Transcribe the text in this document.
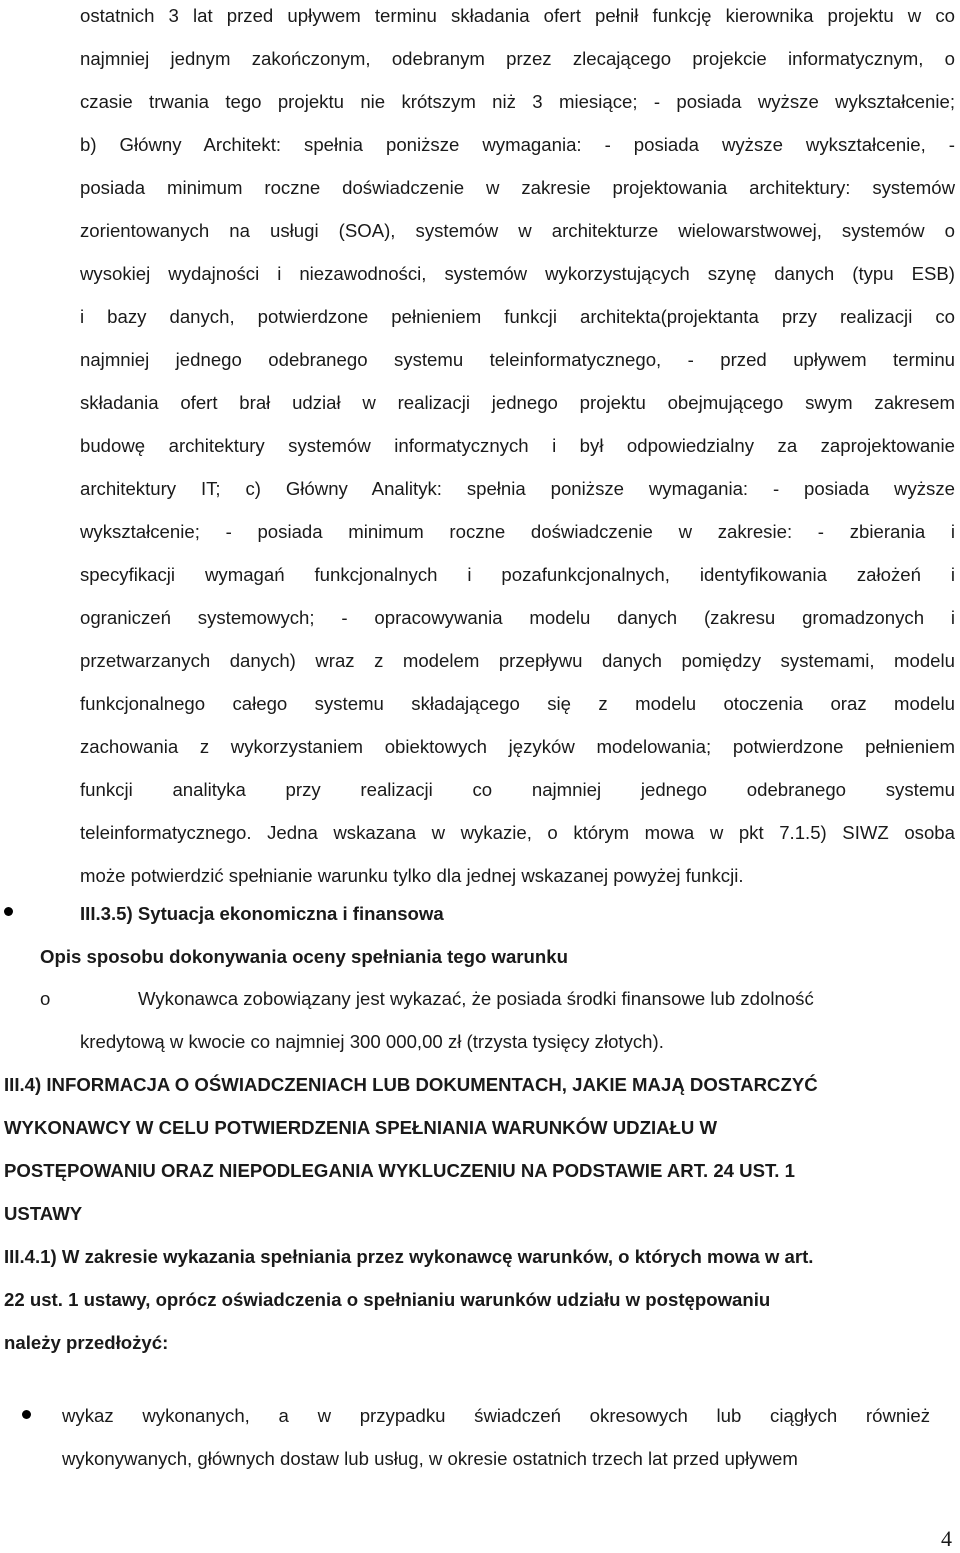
ostatnich 3 lat przed upływem terminu składania ofert pełnił funkcję kierownika projektu w co
najmniej jednym zakończonym, odebranym przez zlecającego projekcie informatycznym, o
czasie trwania tego projektu nie krótszym niż 3 miesiące; - posiada wyższe wykształcenie;
b) Główny Architekt: spełnia poniższe wymagania: - posiada wyższe wykształcenie, -
posiada minimum roczne doświadczenie w zakresie projektowania architektury: systemów
zorientowanych na usługi (SOA), systemów w architekturze wielowarstwowej, systemów o
wysokiej wydajności i niezawodności, systemów wykorzystujących szynę danych (typu ESB)
i bazy danych, potwierdzone pełnieniem funkcji architekta(projektanta przy realizacji co
najmniej jednego odebranego systemu teleinformatycznego, - przed upływem terminu
składania ofert brał udział w realizacji jednego projektu obejmującego swym zakresem
budowę architektury systemów informatycznych i był odpowiedzialny za zaprojektowanie
architektury IT; c) Główny Analityk: spełnia poniższe wymagania: - posiada wyższe
wykształcenie; - posiada minimum roczne doświadczenie w zakresie: - zbierania i
specyfikacji wymagań funkcjonalnych i pozafunkcjonalnych, identyfikowania założeń i
ograniczeń systemowych; - opracowywania modelu danych (zakresu gromadzonych i
przetwarzanych danych) wraz z modelem przepływu danych pomiędzy systemami, modelu
funkcjonalnego całego systemu składającego się z modelu otoczenia oraz modelu
zachowania z wykorzystaniem obiektowych języków modelowania; potwierdzone pełnieniem
funkcji analityka przy realizacji co najmniej jednego odebranego systemu
teleinformatycznego. Jedna wskazana w wykazie, o którym mowa w pkt 7.1.5) SIWZ osoba
może potwierdzić spełnianie warunku tylko dla jednej wskazanej powyżej funkcji.
III.3.5) Sytuacja ekonomiczna i finansowa
Opis sposobu dokonywania oceny spełniania tego warunku
o	Wykonawca zobowiązany jest wykazać, że posiada środki finansowe lub zdolność
kredytową w kwocie co najmniej 300 000,00 zł (trzysta tysięcy złotych).
III.4) INFORMACJA O OŚWIADCZENIACH LUB DOKUMENTACH, JAKIE MAJĄ DOSTARCZYĆ
WYKONAWCY W CELU POTWIERDZENIA SPEŁNIANIA WARUNKÓW UDZIAŁU W
POSTĘPOWANIU ORAZ NIEPODLEGANIA WYKLUCZENIU NA PODSTAWIE ART. 24 UST. 1
USTAWY
III.4.1) W zakresie wykazania spełniania przez wykonawcę warunków, o których mowa w art.
22 ust. 1 ustawy, oprócz oświadczenia o spełnianiu warunków udziału w postępowaniu
należy przedłożyć:
wykaz wykonanych, a w przypadku świadczeń okresowych lub ciągłych również
wykonywanych, głównych dostaw lub usług, w okresie ostatnich trzech lat przed upływem
4
